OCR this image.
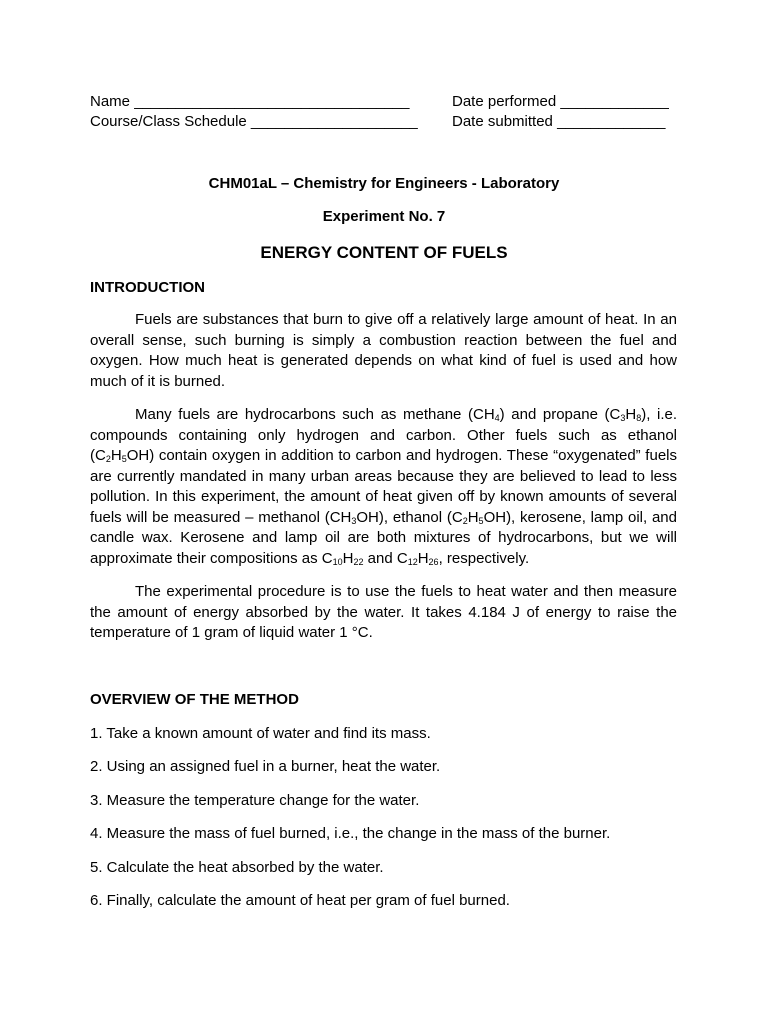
Name _________________________________
Course/Class Schedule ____________________
Date performed _____________
Date submitted _____________
CHM01aL – Chemistry for Engineers - Laboratory
Experiment No. 7
ENERGY CONTENT OF FUELS
INTRODUCTION

Fuels are substances that burn to give off a relatively large amount of heat. In an overall sense, such burning is simply a combustion reaction between the fuel and oxygen. How much heat is generated depends on what kind of fuel is used and how much of it is burned.

Many fuels are hydrocarbons such as methane $(CH_4)$ and propane $(C_3H_8)$, i.e. compounds containing only hydrogen and carbon. Other fuels such as ethanol $(C_2H_5OH)$ contain oxygen in addition to carbon and hydrogen. These “oxygenated” fuels are currently mandated in many urban areas because they are believed to lead to less pollution. In this experiment, the amount of heat given off by known amounts of several fuels will be measured – methanol $(CH_3OH)$, ethanol $(C_2H_5OH)$, kerosene, lamp oil, and candle wax. Kerosene and lamp oil are both mixtures of hydrocarbons, but we will approximate their compositions as $C_{10}H_{22}$ and $C_{12}H_{26}$, respectively.

The experimental procedure is to use the fuels to heat water and then measure the amount of energy absorbed by the water. It takes 4.184 J of energy to raise the temperature of 1 gram of liquid water 1 °C.

OVERVIEW OF THE METHOD
1. Take a known amount of water and find its mass.
2. Using an assigned fuel in a burner, heat the water.
3. Measure the temperature change for the water.
4. Measure the mass of fuel burned, i.e., the change in the mass of the burner.
5. Calculate the heat absorbed by the water.
6. Finally, calculate the amount of heat per gram of fuel burned.
